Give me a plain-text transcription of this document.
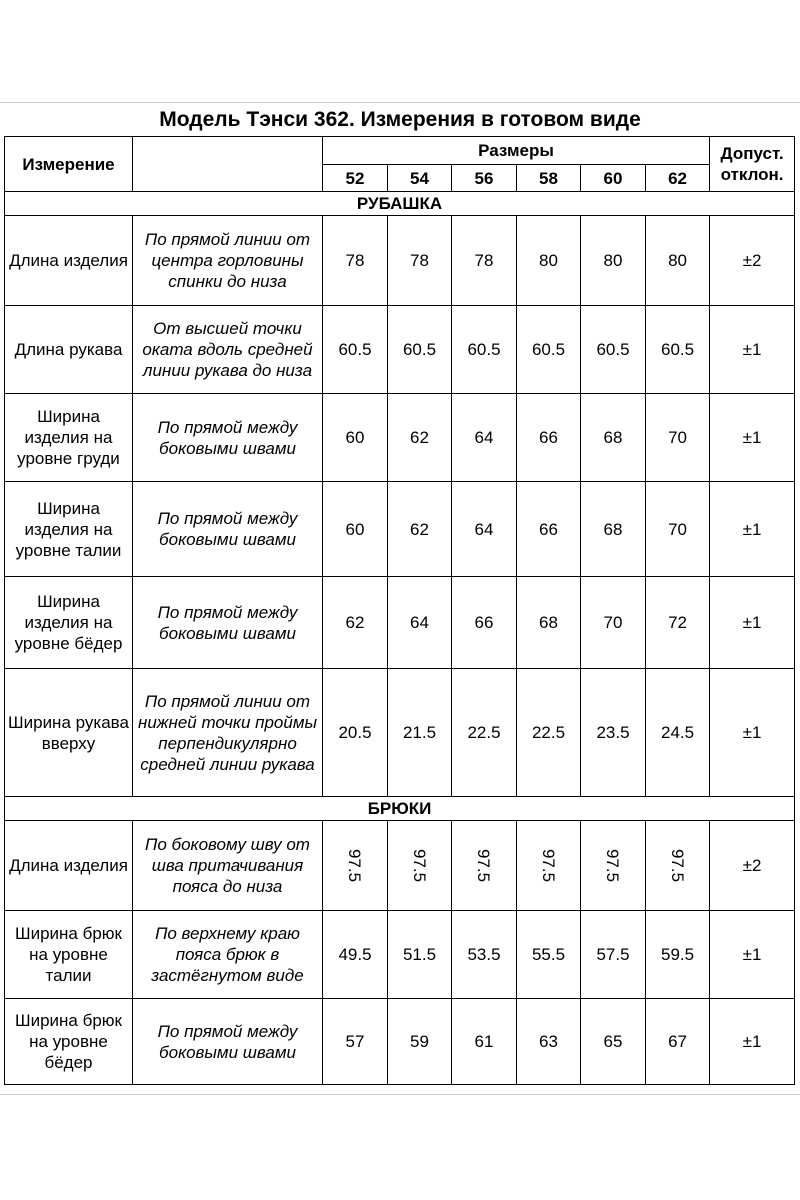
Модель Тэнси 362. Измерения в готовом виде
Измерение		Размеры						Допуст.
отклон.

		52	54	56	58	60	62	
РУБАШКА								
Длина изделия	По прямой линии от центра горловины спинки до низа	78	78	78	80	80	80	±2
Длина рукава	От высшей точки оката вдоль средней линии рукава до низа	60.5	60.5	60.5	60.5	60.5	60.5	±1
Ширина изделия на уровне груди	По прямой между боковыми швами	60	62	64	66	68	70	±1
Ширина изделия на уровне талии	По прямой между боковыми швами	60	62	64	66	68	70	±1
Ширина изделия на уровне бёдер	По прямой между боковыми швами	62	64	66	68	70	72	±1
Ширина рукава вверху	По прямой линии от нижней точки проймы перпендикулярно средней линии рукава	20.5	21.5	22.5	22.5	23.5	24.5	±1
БРЮКИ								
Длина изделия	По боковому шву от шва притачивания пояса до низа	97.5	97.5	97.5	97.5	97.5	97.5	±2
Ширина брюк на уровне талии	По верхнему краю пояса брюк в застёгнутом виде	49.5	51.5	53.5	55.5	57.5	59.5	±1
Ширина брюк на уровне бёдер	По прямой между боковыми швами	57	59	61	63	65	67	±1
